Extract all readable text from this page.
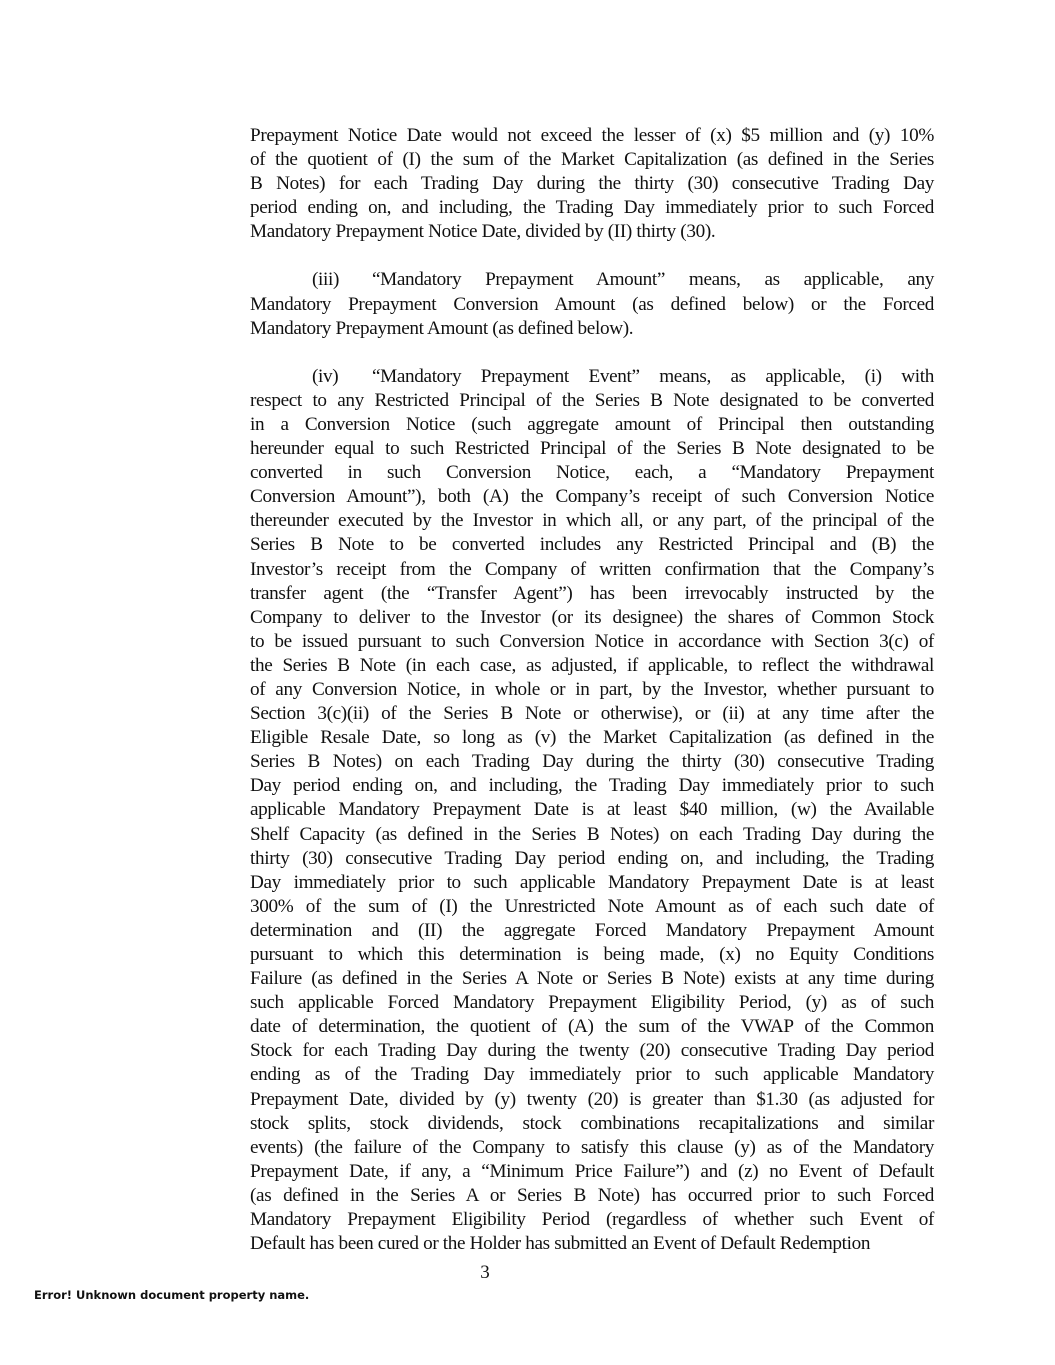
Prepayment Notice Date would not exceed the lesser of (x) $5 million and (y) 10%
of the quotient of (I) the sum of the Market Capitalization (as defined in the Series
B Notes) for each Trading Day during the thirty (30) consecutive Trading Day
period ending on, and including, the Trading Day immediately prior to such Forced
Mandatory Prepayment Notice Date, divided by (II) thirty (30).
(iii) “Mandatory Prepayment Amount” means, as applicable, any
Mandatory Prepayment Conversion Amount (as defined below) or the Forced
Mandatory Prepayment Amount (as defined below).
(iv) “Mandatory Prepayment Event” means, as applicable, (i) with
respect to any Restricted Principal of the Series B Note designated to be converted
in a Conversion Notice (such aggregate amount of Principal then outstanding
hereunder equal to such Restricted Principal of the Series B Note designated to be
converted in such Conversion Notice, each, a “Mandatory Prepayment
Conversion Amount”), both (A) the Company’s receipt of such Conversion Notice
thereunder executed by the Investor in which all, or any part, of the principal of the
Series B Note to be converted includes any Restricted Principal and (B) the
Investor’s receipt from the Company of written confirmation that the Company’s
transfer agent (the “Transfer Agent”) has been irrevocably instructed by the
Company to deliver to the Investor (or its designee) the shares of Common Stock
to be issued pursuant to such Conversion Notice in accordance with Section 3(c) of
the Series B Note (in each case, as adjusted, if applicable, to reflect the withdrawal
of any Conversion Notice, in whole or in part, by the Investor, whether pursuant to
Section 3(c)(ii) of the Series B Note or otherwise), or (ii) at any time after the
Eligible Resale Date, so long as (v) the Market Capitalization (as defined in the
Series B Notes) on each Trading Day during the thirty (30) consecutive Trading
Day period ending on, and including, the Trading Day immediately prior to such
applicable Mandatory Prepayment Date is at least $40 million, (w) the Available
Shelf Capacity (as defined in the Series B Notes) on each Trading Day during the
thirty (30) consecutive Trading Day period ending on, and including, the Trading
Day immediately prior to such applicable Mandatory Prepayment Date is at least
300% of the sum of (I) the Unrestricted Note Amount as of each such date of
determination and (II) the aggregate Forced Mandatory Prepayment Amount
pursuant to which this determination is being made, (x) no Equity Conditions
Failure (as defined in the Series A Note or Series B Note) exists at any time during
such applicable Forced Mandatory Prepayment Eligibility Period, (y) as of such
date of determination, the quotient of (A) the sum of the VWAP of the Common
Stock for each Trading Day during the twenty (20) consecutive Trading Day period
ending as of the Trading Day immediately prior to such applicable Mandatory
Prepayment Date, divided by (y) twenty (20) is greater than $1.30 (as adjusted for
stock splits, stock dividends, stock combinations recapitalizations and similar
events) (the failure of the Company to satisfy this clause (y) as of the Mandatory
Prepayment Date, if any, a “Minimum Price Failure”) and (z) no Event of Default
(as defined in the Series A or Series B Note) has occurred prior to such Forced
Mandatory Prepayment Eligibility Period (regardless of whether such Event of
Default has been cured or the Holder has submitted an Event of Default Redemption
3
Error! Unknown document property name.
